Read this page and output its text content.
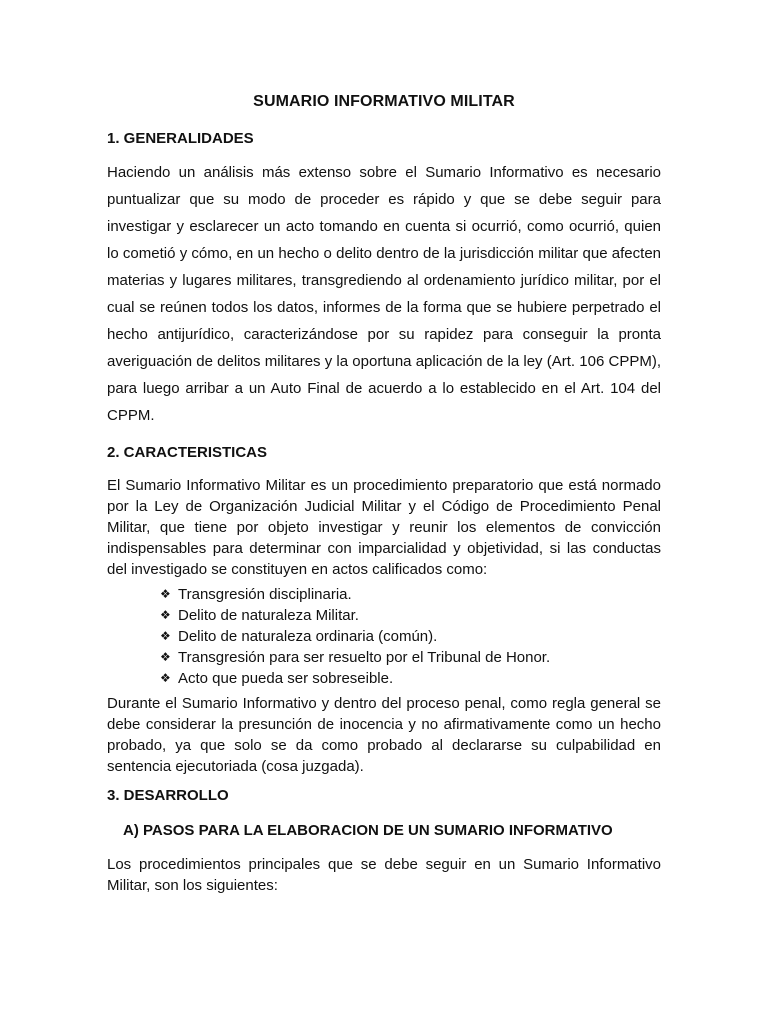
SUMARIO INFORMATIVO MILITAR
1. GENERALIDADES

Haciendo un análisis más extenso sobre el Sumario Informativo es necesario puntualizar que su modo de proceder es rápido y que se debe seguir para investigar y esclarecer un acto tomando en cuenta si ocurrió, como ocurrió, quien lo cometió y cómo, en un hecho o delito dentro de la jurisdicción militar que afecten materias y lugares militares, transgrediendo al ordenamiento jurídico militar, por el cual se reúnen todos los datos, informes de la forma que se hubiere perpetrado el hecho antijurídico, caracterizándose por su rapidez para conseguir la pronta averiguación de delitos militares y la oportuna aplicación de la ley (Art. 106 CPPM), para luego arribar a un Auto Final de acuerdo a lo establecido en el Art. 104 del CPPM.

2. CARACTERISTICAS

El Sumario Informativo Militar es un procedimiento preparatorio que está normado por la Ley de Organización Judicial Militar y el Código de Procedimiento Penal Militar, que tiene por objeto investigar y reunir los elementos de convicción indispensables para determinar con imparcialidad y objetividad, si las conductas del investigado se constituyen en actos calificados como:

❖ Transgresión disciplinaria.
❖ Delito de naturaleza Militar.
❖ Delito de naturaleza ordinaria (común).
❖ Transgresión para ser resuelto por el Tribunal de Honor.
❖ Acto que pueda ser sobreseible.

Durante el Sumario Informativo y dentro del proceso penal, como regla general se debe considerar la presunción de inocencia y no afirmativamente como un hecho probado, ya que solo se da como probado al declararse su culpabilidad en sentencia ejecutoriada (cosa juzgada).

3. DESARROLLO
A) PASOS PARA LA ELABORACION DE UN SUMARIO INFORMATIVO

Los procedimientos principales que se debe seguir en un Sumario Informativo Militar, son los siguientes:
